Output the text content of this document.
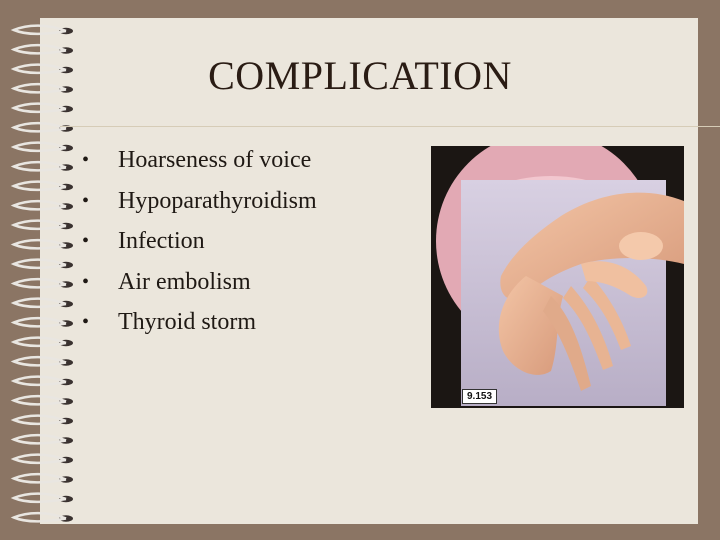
COMPLICATION
• Hoarseness of voice
• Hypoparathyroidism
• Infection
• Air embolism
• Thyroid storm
9.153
